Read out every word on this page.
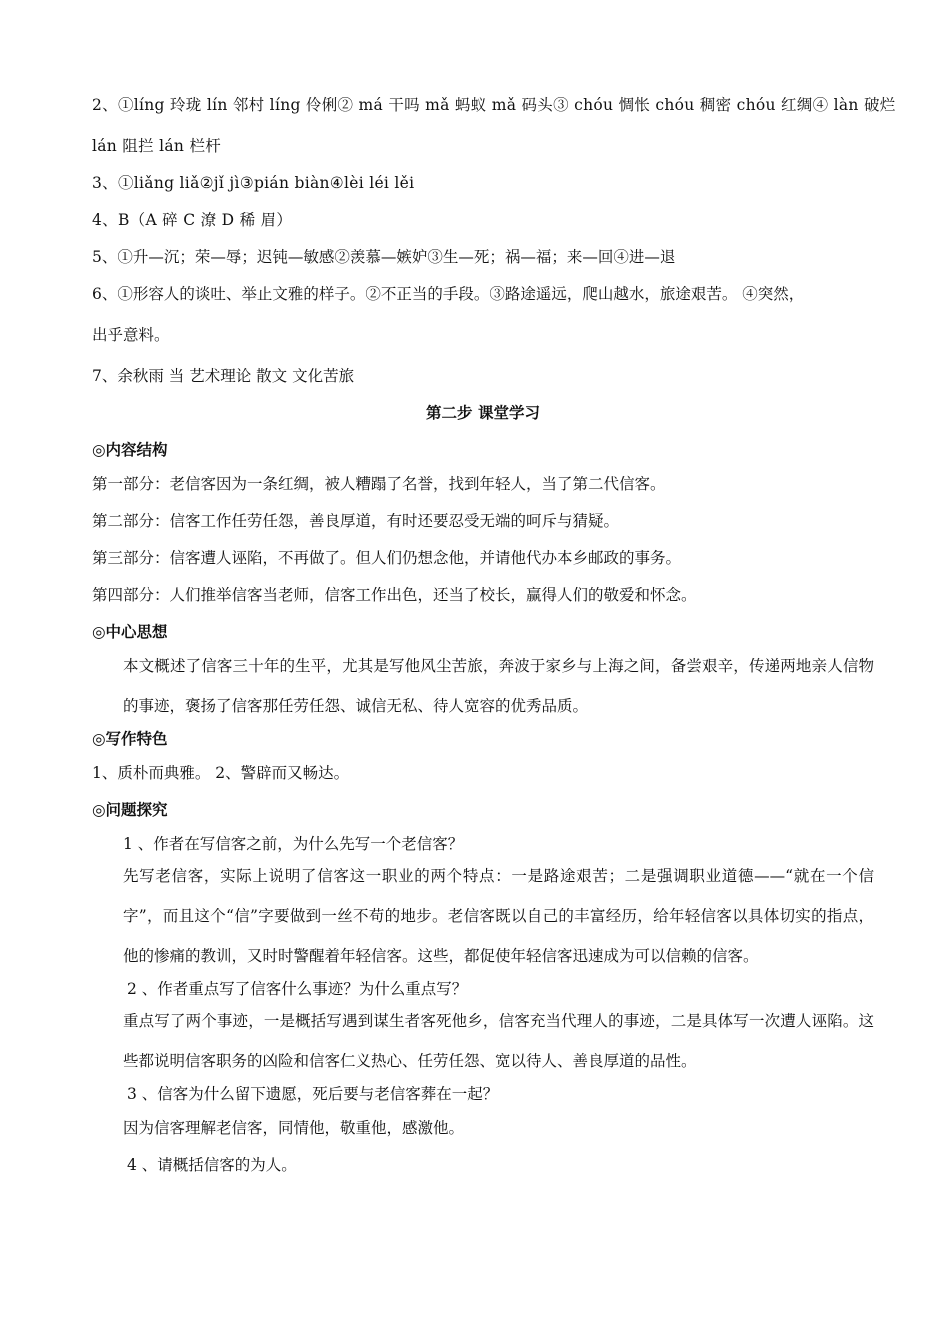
2、①líng 玲珑 lín 邻村 líng 伶俐② má 干吗 mǎ 蚂蚁 mǎ 码头③ chóu 惆怅 chóu 稠密 chóu 红绸④ làn 破烂

lán 阻拦 lán 栏杆

3、①liǎng liǎ②jǐ jì③pián biàn④lèi léi lěi

4、B（A 碎 C 潦 D 稀 眉）

5、①升—沉；荣—辱；迟钝—敏感②羡慕—嫉妒③生—死；祸—福；来—回④进—退

6、①形容人的谈吐、举止文雅的样子。②不正当的手段。③路途遥远，爬山越水，旅途艰苦。 ④突然，

出乎意料。

7、余秋雨 当 艺术理论 散文 文化苦旅

第二步 课堂学习

◎内容结构

第一部分：老信客因为一条红绸，被人糟蹋了名誉，找到年轻人，当了第二代信客。

第二部分：信客工作任劳任怨，善良厚道，有时还要忍受无端的呵斥与猜疑。

第三部分：信客遭人诬陷，不再做了。但人们仍想念他，并请他代办本乡邮政的事务。

第四部分：人们推举信客当老师，信客工作出色，还当了校长，赢得人们的敬爱和怀念。

◎中心思想

本文概述了信客三十年的生平，尤其是写他风尘苦旅，奔波于家乡与上海之间，备尝艰辛，传递两地亲人信物的事迹，褒扬了信客那任劳任怨、诚信无私、待人宽容的优秀品质。

◎写作特色

1、质朴而典雅。 2、警辟而又畅达。

◎问题探究

1 、作者在写信客之前，为什么先写一个老信客？

先写老信客，实际上说明了信客这一职业的两个特点：一是路途艰苦；二是强调职业道德——“就在一个信字”，而且这个“信”字要做到一丝不苟的地步。老信客既以自己的丰富经历，给年轻信客以具体切实的指点，他的惨痛的教训，又时时警醒着年轻信客。这些，都促使年轻信客迅速成为可以信赖的信客。

2 、作者重点写了信客什么事迹？为什么重点写？

重点写了两个事迹，一是概括写遇到谋生者客死他乡，信客充当代理人的事迹，二是具体写一次遭人诬陷。这些都说明信客职务的凶险和信客仁义热心、任劳任怨、宽以待人、善良厚道的品性。

3 、信客为什么留下遗愿，死后要与老信客葬在一起？

因为信客理解老信客，同情他，敬重他，感激他。

4 、请概括信客的为人。
